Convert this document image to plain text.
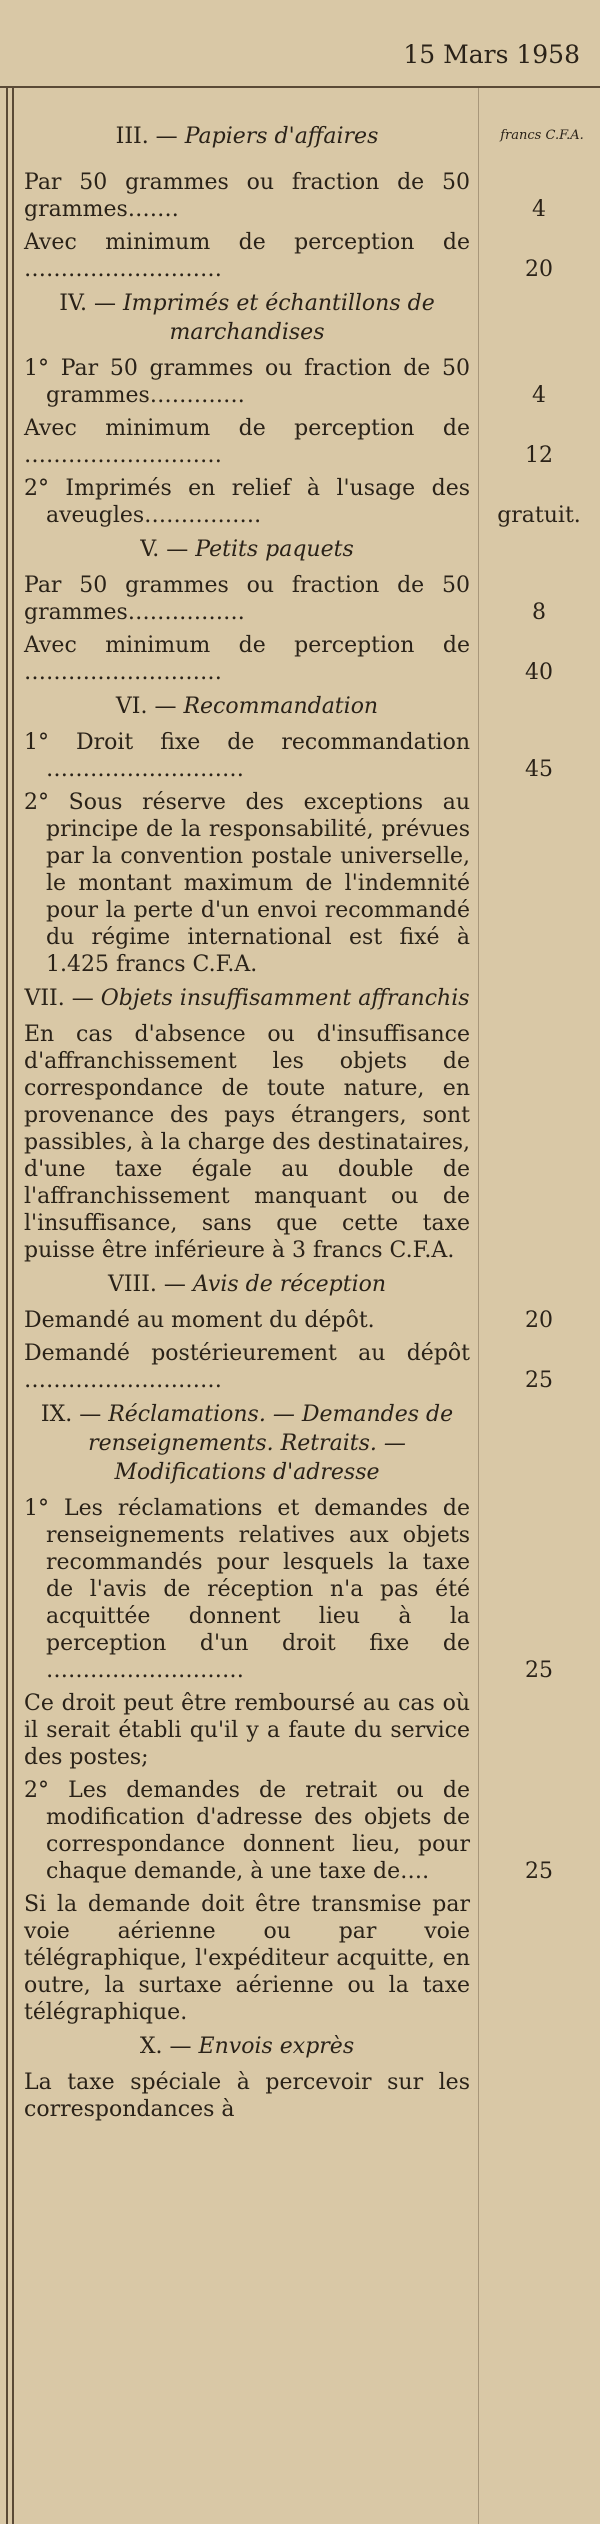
15 Mars 1958
francs C.F.A.
III. — Papiers d'affaires

Par 50 grammes ou fraction de 50 grammes…….

Avec minimum de perception de ………………………

IV. — Imprimés et échantillons de marchandises

1° Par 50 grammes ou fraction de 50 grammes………….

Avec minimum de perception de ………………………

2° Imprimés en relief à l'usage des aveugles…………….

V. — Petits paquets

Par 50 grammes ou fraction de 50 grammes…………….

Avec minimum de perception de ………………………

VI. — Recommandation

1° Droit fixe de recommandation ………………………

2° Sous réserve des exceptions au principe de la responsabilité, prévues par la convention postale universelle, le montant maximum de l'indemnité pour la perte d'un envoi recommandé du régime international est fixé à 1.425 francs C.F.A.

VII. — Objets insuffisamment affranchis

En cas d'absence ou d'insuffisance d'affranchissement les objets de correspondance de toute nature, en provenance des pays étrangers, sont passibles, à la charge des destinataires, d'une taxe égale au double de l'affranchissement manquant ou de l'insuffisance, sans que cette taxe puisse être inférieure à 3 francs C.F.A.

VIII. — Avis de réception

Demandé au moment du dépôt.

Demandé postérieurement au dépôt ………………………

IX. — Réclamations. — Demandes de renseignements. Retraits. — Modifications d'adresse

1° Les réclamations et demandes de renseignements relatives aux objets recommandés pour lesquels la taxe de l'avis de réception n'a pas été acquittée donnent lieu à la perception d'un droit fixe de ………………………

Ce droit peut être remboursé au cas où il serait établi qu'il y a faute du service des postes;

2° Les demandes de retrait ou de modification d'adresse des objets de correspondance donnent lieu, pour chaque demande, à une taxe de….

Si la demande doit être transmise par voie aérienne ou par voie télégraphique, l'expéditeur acquitte, en outre, la surtaxe aérienne ou la taxe télégraphique.

X. — Envois exprès

La taxe spéciale à percevoir sur les correspondances à

4
20
4
12
gratuit.
8
40
45
20
25
25
25
